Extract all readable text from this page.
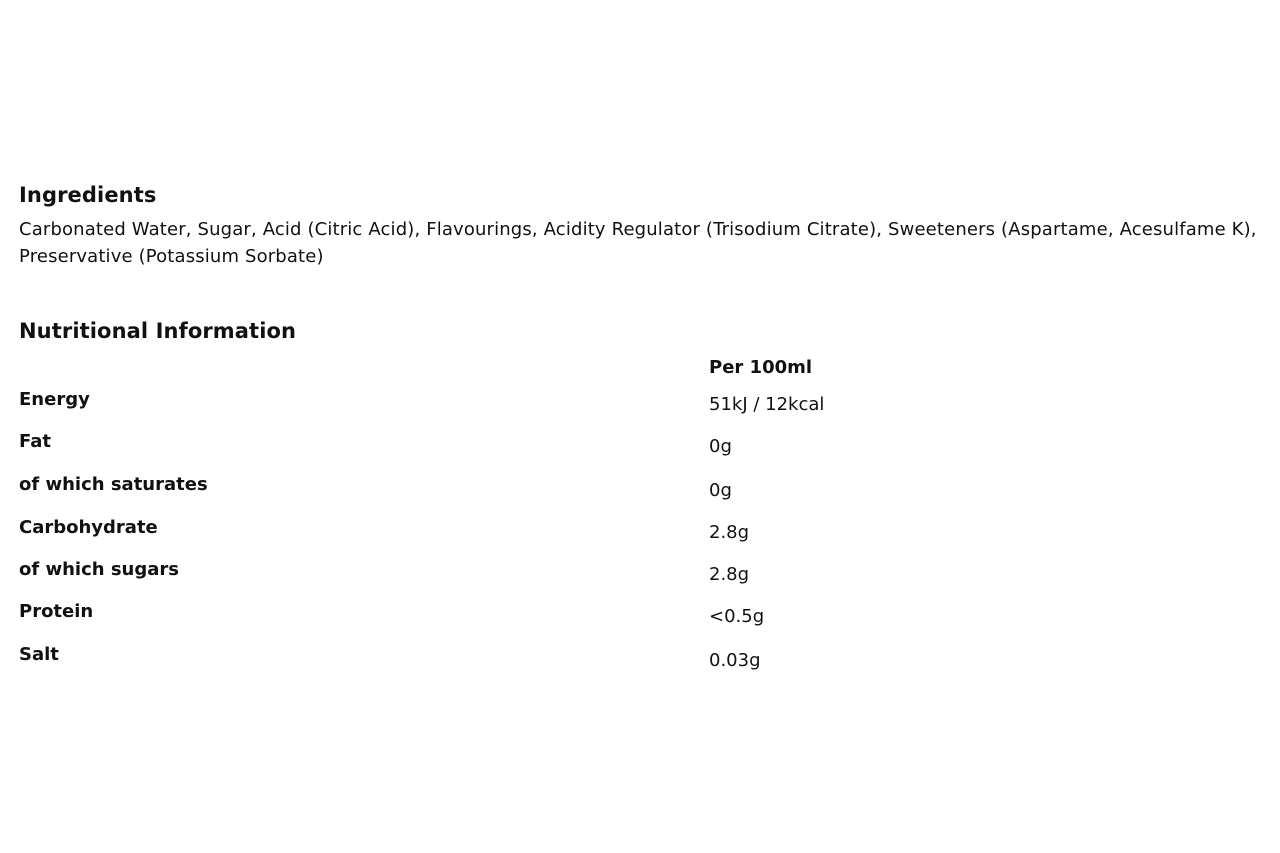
Ingredients

Carbonated Water, Sugar, Acid (Citric Acid), Flavourings, Acidity Regulator (Trisodium Citrate), Sweeteners (Aspartame, Acesulfame K), Preservative (Potassium Sorbate)

Nutritional Information
Per 100ml
Energy	51kJ / 12kcal
Fat	0g
of which saturates	0g
Carbohydrate	2.8g
of which sugars	2.8g
Protein	<0.5g
Salt	0.03g
